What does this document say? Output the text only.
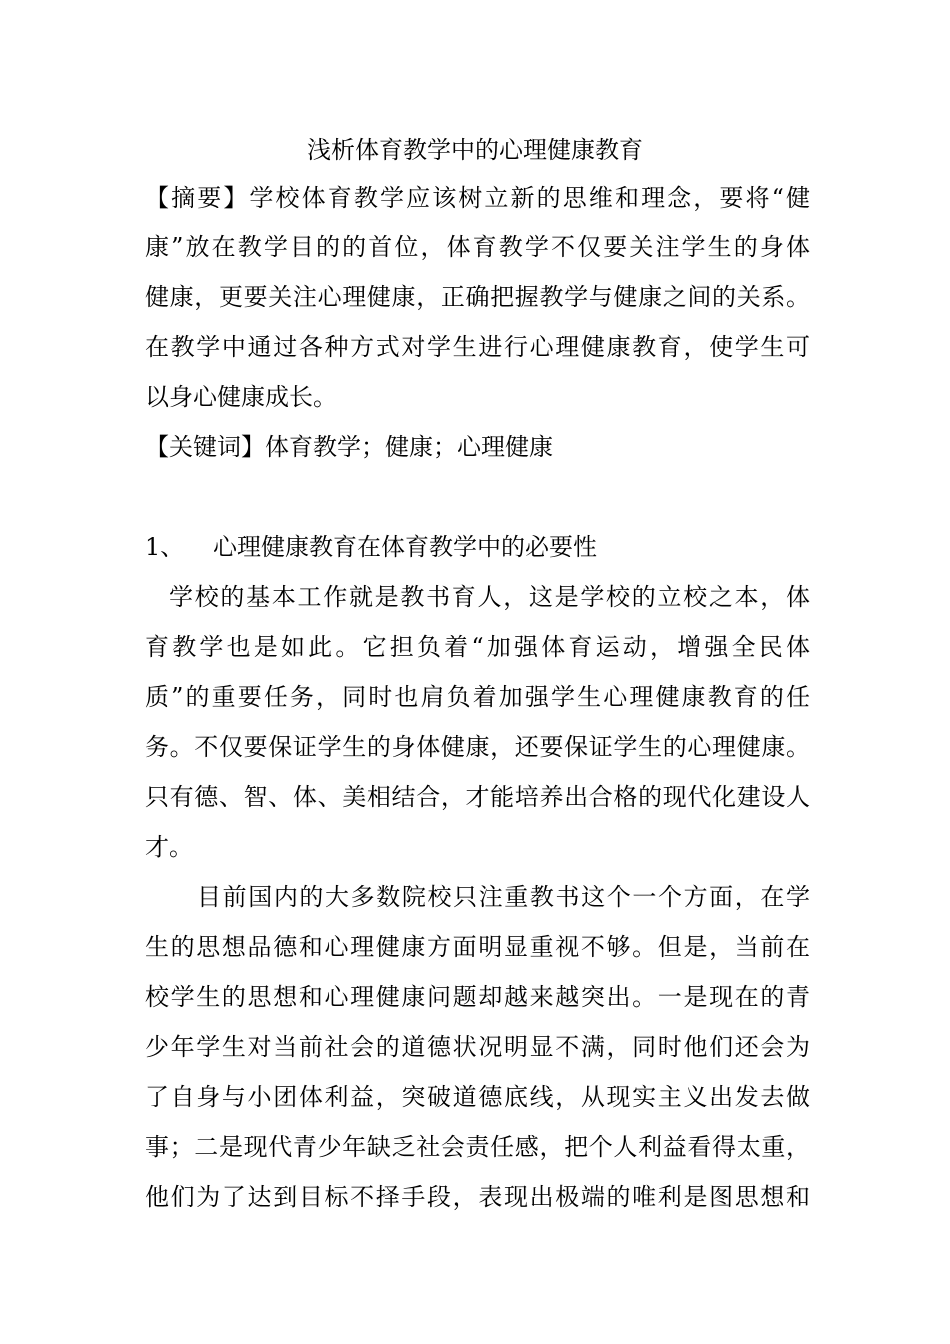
浅析体育教学中的心理健康教育
【摘要】学校体育教学应该树立新的思维和理念，要将“健
康”放在教学目的的首位，体育教学不仅要关注学生的身体
健康，更要关注心理健康，正确把握教学与健康之间的关系。
在教学中通过各种方式对学生进行心理健康教育，使学生可
以身心健康成长。
【关键词】体育教学；健康；心理健康
1、 心理健康教育在体育教学中的必要性
学校的基本工作就是教书育人，这是学校的立校之本，体
育教学也是如此。它担负着“加强体育运动，增强全民体
质”的重要任务，同时也肩负着加强学生心理健康教育的任
务。不仅要保证学生的身体健康，还要保证学生的心理健康。
只有德、智、体、美相结合，才能培养出合格的现代化建设人
才。
目前国内的大多数院校只注重教书这个一个方面，在学
生的思想品德和心理健康方面明显重视不够。但是，当前在
校学生的思想和心理健康问题却越来越突出。一是现在的青
少年学生对当前社会的道德状况明显不满，同时他们还会为
了自身与小团体利益，突破道德底线，从现实主义出发去做
事；二是现代青少年缺乏社会责任感，把个人利益看得太重，
他们为了达到目标不择手段，表现出极端的唯利是图思想和
